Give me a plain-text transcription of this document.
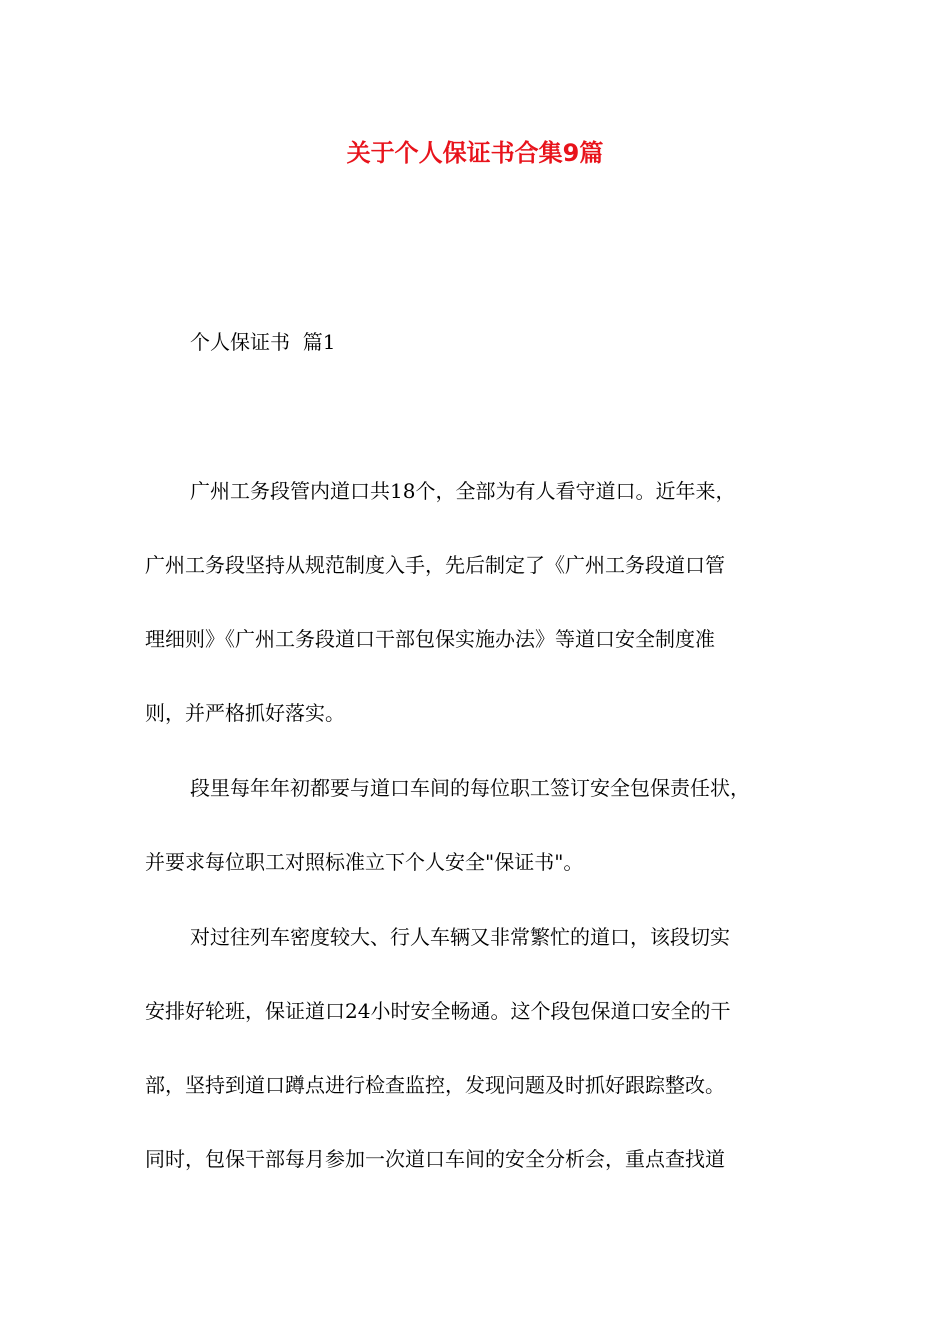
关于个人保证书合集9篇

个人保证书  篇1

广州工务段管内道口共18个，全部为有人看守道口。近年来，

广州工务段坚持从规范制度入手，先后制定了《广州工务段道口管

理细则》《广州工务段道口干部包保实施办法》等道口安全制度准

则，并严格抓好落实。

段里每年年初都要与道口车间的每位职工签订安全包保责任状，

并要求每位职工对照标准立下个人安全"保证书"。

对过往列车密度较大、行人车辆又非常繁忙的道口，该段切实

安排好轮班，保证道口24小时安全畅通。这个段包保道口安全的干

部，坚持到道口蹲点进行检查监控，发现问题及时抓好跟踪整改。

同时，包保干部每月参加一次道口车间的安全分析会，重点查找道
